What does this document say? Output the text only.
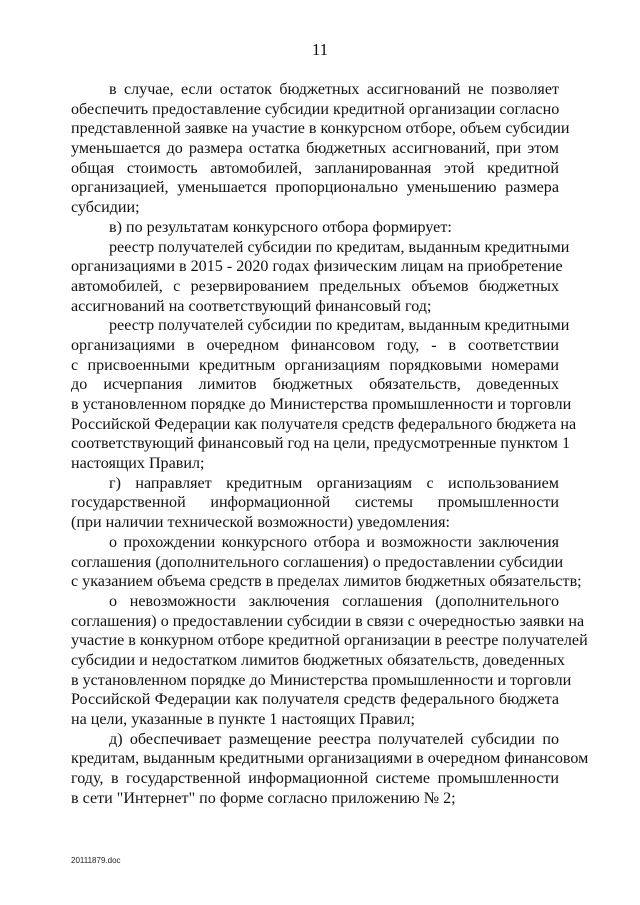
11
в случае, если остаток бюджетных ассигнований не позволяет
обеспечить предоставление субсидии кредитной организации согласно
представленной заявке на участие в конкурсном отборе, объем субсидии
уменьшается до размера остатка бюджетных ассигнований, при этом
общая стоимость автомобилей, запланированная этой кредитной
организацией, уменьшается пропорционально уменьшению размера
субсидии;
в) по результатам конкурсного отбора формирует:
реестр получателей субсидии по кредитам, выданным кредитными
организациями в 2015 - 2020 годах физическим лицам на приобретение
автомобилей, с резервированием предельных объемов бюджетных
ассигнований на соответствующий финансовый год;
реестр получателей субсидии по кредитам, выданным кредитными
организациями в очередном финансовом году, - в соответствии
с присвоенными кредитным организациям порядковыми номерами
до исчерпания лимитов бюджетных обязательств, доведенных
в установленном порядке до Министерства промышленности и торговли
Российской Федерации как получателя средств федерального бюджета на
соответствующий финансовый год на цели, предусмотренные пунктом 1
настоящих Правил;
г) направляет кредитным организациям с использованием
государственной информационной системы промышленности
(при наличии технической возможности) уведомления:
о прохождении конкурсного отбора и возможности заключения
соглашения (дополнительного соглашения) о предоставлении субсидии
с указанием объема средств в пределах лимитов бюджетных обязательств;
о невозможности заключения соглашения (дополнительного
соглашения) о предоставлении субсидии в связи с очередностью заявки на
участие в конкурном отборе кредитной организации в реестре получателей
субсидии и недостатком лимитов бюджетных обязательств, доведенных
в установленном порядке до Министерства промышленности и торговли
Российской Федерации как получателя средств федерального бюджета
на цели, указанные в пункте 1 настоящих Правил;
д) обеспечивает размещение реестра получателей субсидии по
кредитам, выданным кредитными организациями в очередном финансовом
году, в государственной информационной системе промышленности
в сети "Интернет" по форме согласно приложению № 2;
20111879.doc
